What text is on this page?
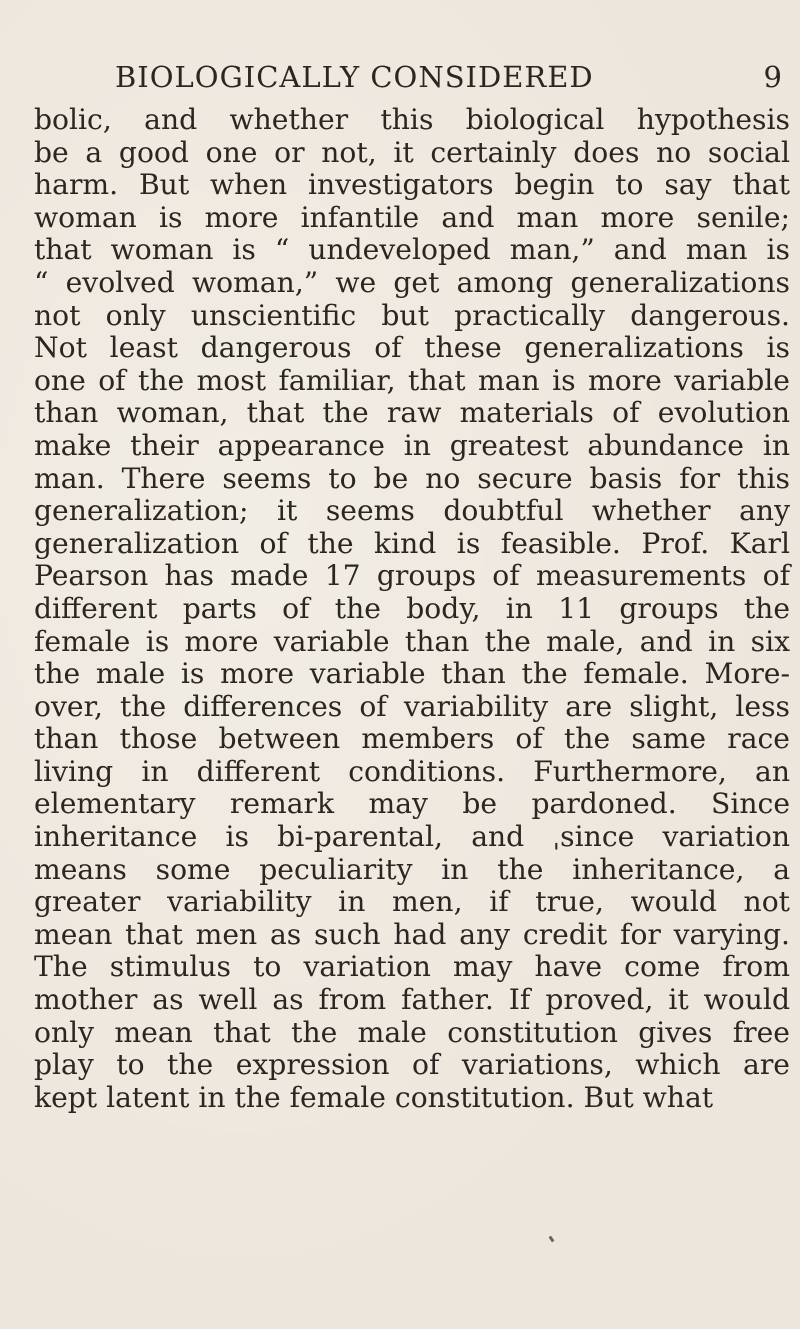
BIOLOGICALLY CONSIDERED	9

bolic, and whether this biological hypothesis
be a good one or not, it certainly does no social
harm. But when investigators begin to say that
woman is more infantile and man more senile;
that woman is “ undeveloped man,” and man is
“ evolved woman,” we get among generalizations
not only unscientific but practically dangerous.
Not least dangerous of these generalizations is
one of the most familiar, that man is more variable
than woman, that the raw materials of evolution
make their appearance in greatest abundance in
man. There seems to be no secure basis for this
generalization; it seems doubtful whether any
generalization of the kind is feasible. Prof. Karl
Pearson has made 17 groups of measurements of
different parts of the body, in 11 groups the
female is more variable than the male, and in six
the male is more variable than the female. More-
over, the differences of variability are slight, less
than those between members of the same race
living in different conditions. Furthermore, an
elementary remark may be pardoned. Since
inheritance is bi-parental, and ˌsince variation
means some peculiarity in the inheritance, a
greater variability in men, if true, would not
mean that men as such had any credit for varying.
The stimulus to variation may have come from
mother as well as from father. If proved, it would
only mean that the male constitution gives free
play to the expression of variations, which are
kept latent in the female constitution. But what
